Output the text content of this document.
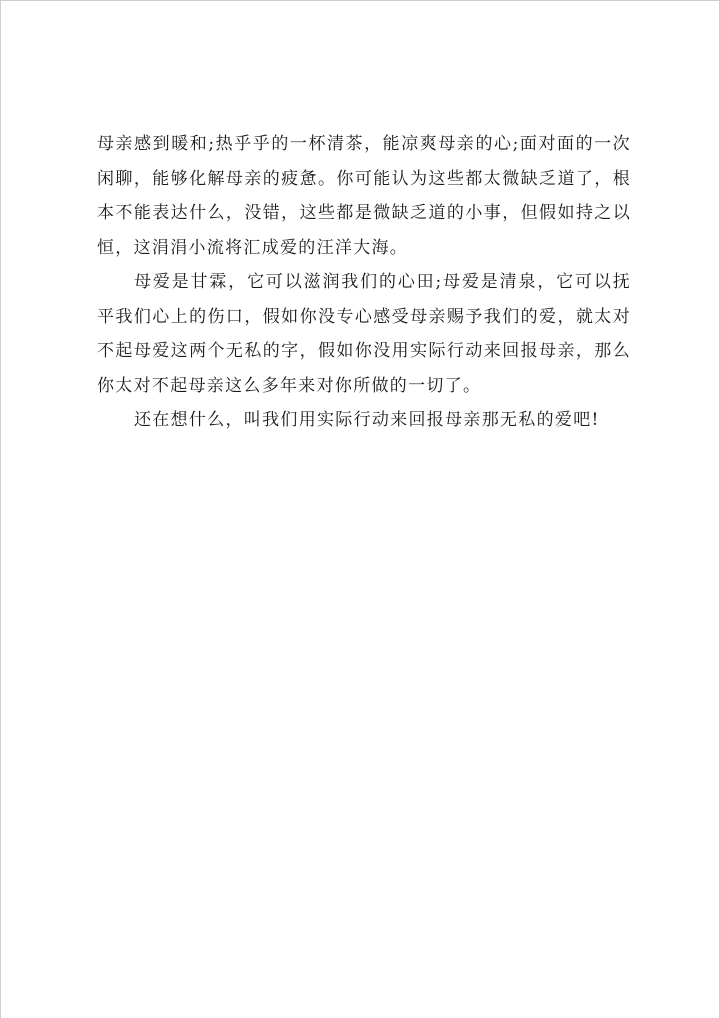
母亲感到暖和;热乎乎的一杯清茶，能凉爽母亲的心;面对面的一次闲聊，能够化解母亲的疲惫。你可能认为这些都太微缺乏道了，根本不能表达什么，没错，这些都是微缺乏道的小事，但假如持之以恒，这涓涓小流将汇成爱的汪洋大海。

母爱是甘霖，它可以滋润我们的心田;母爱是清泉，它可以抚平我们心上的伤口，假如你没专心感受母亲赐予我们的爱，就太对不起母爱这两个无私的字，假如你没用实际行动来回报母亲，那么你太对不起母亲这么多年来对你所做的一切了。

还在想什么，叫我们用实际行动来回报母亲那无私的爱吧!
